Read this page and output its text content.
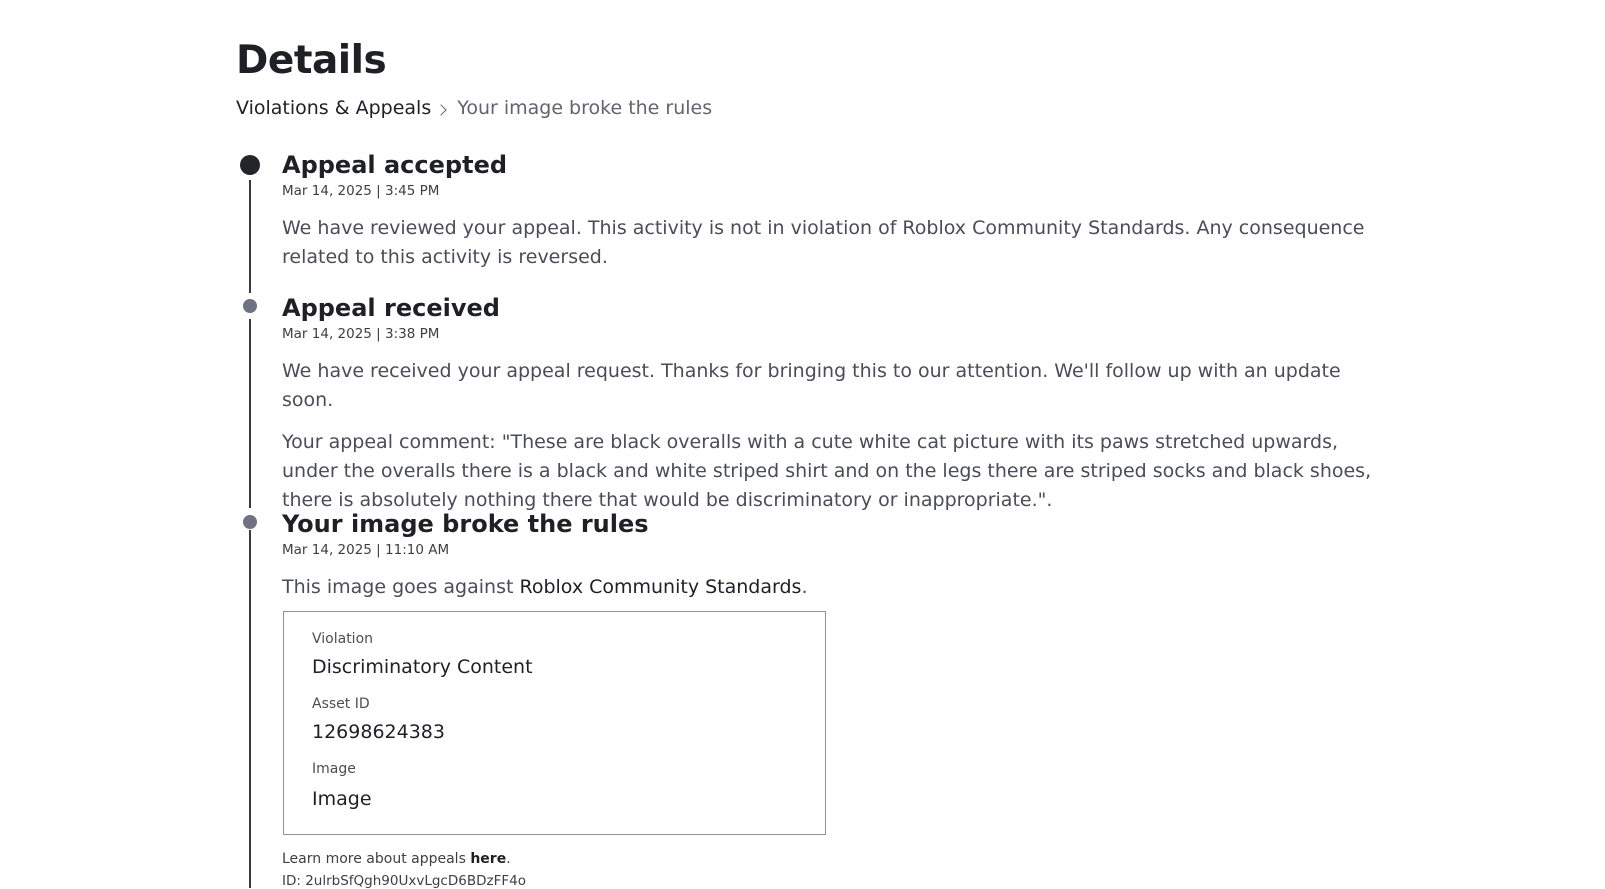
Details
Violations & Appeals Your image broke the rules
Appeal accepted
Mar 14, 2025 | 3:45 PM

We have reviewed your appeal. This activity is not in violation of Roblox Community Standards. Any consequence related to this activity is reversed.

Appeal received
Mar 14, 2025 | 3:38 PM

We have received your appeal request. Thanks for bringing this to our attention. We'll follow up with an update soon.

Your appeal comment: "These are black overalls with a cute white cat picture with its paws stretched upwards, under the overalls there is a black and white striped shirt and on the legs there are striped socks and black shoes, there is absolutely nothing there that would be discriminatory or inappropriate.".

Your image broke the rules
Mar 14, 2025 | 11:10 AM

This image goes against Roblox Community Standards.

Violation
Discriminatory Content
Asset ID
12698624383
Image
Image
Learn more about appeals here.
ID: 2ulrbSfQgh90UxvLgcD6BDzFF4o
